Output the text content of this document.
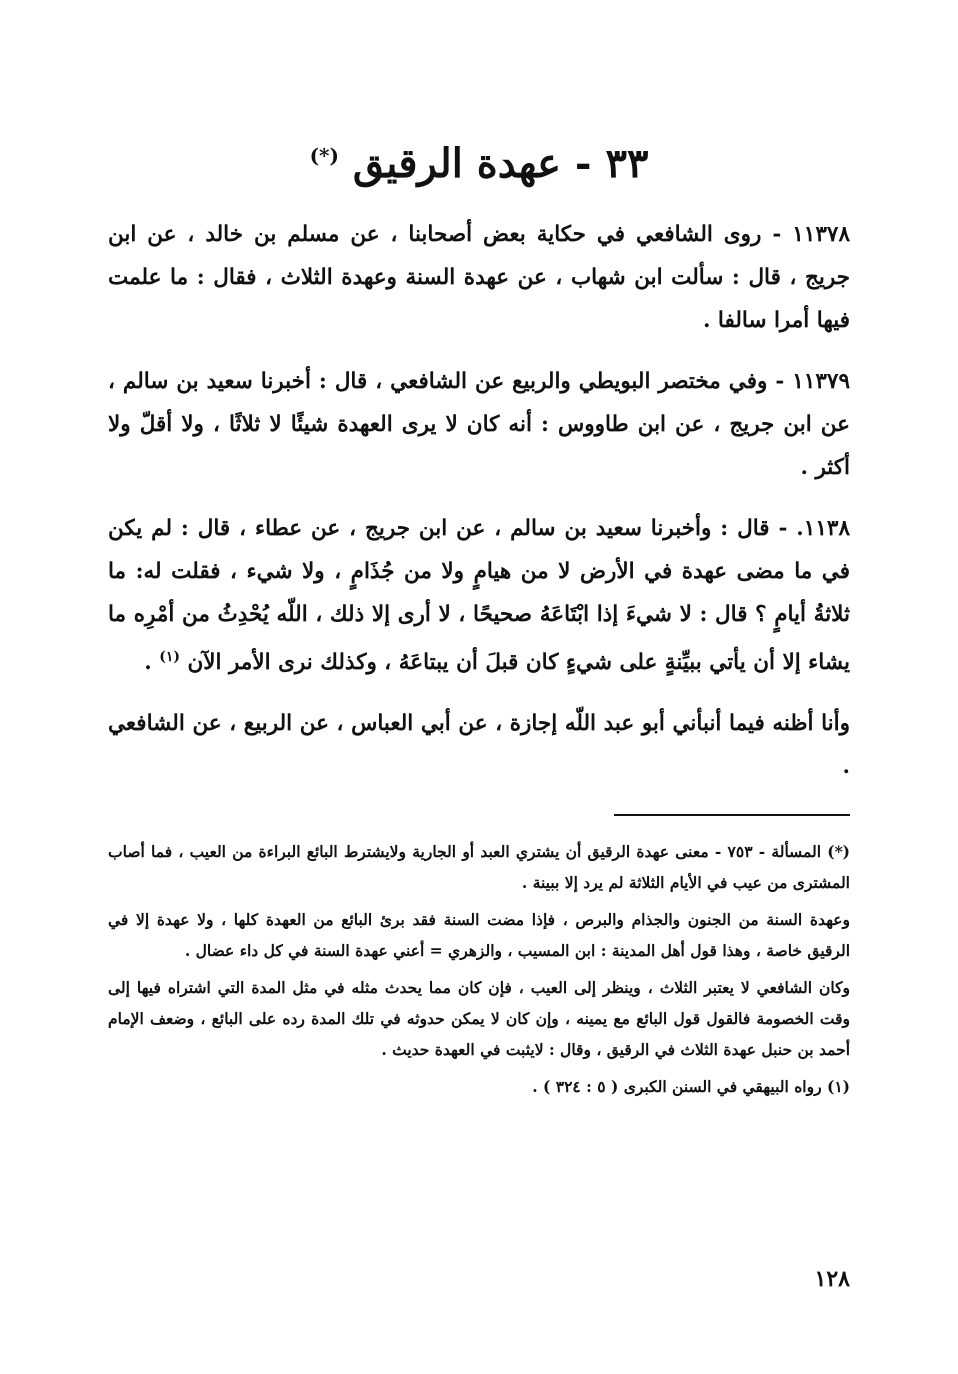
٣٣ - عهدة الرقيق (*)

١١٣٧٨ - روى الشافعي في حكاية بعض أصحابنا ، عن مسلم بن خالد ، عن ابن جريج ، قال : سألت ابن شهاب ، عن عهدة السنة وعهدة الثلاث ، فقال : ما علمت فيها أمرا سالفا .

١١٣٧٩ - وفي مختصر البويطي والربيع عن الشافعي ، قال : أخبرنا سعيد بن سالم ، عن ابن جريج ، عن ابن طاووس : أنه كان لا يرى العهدة شيئًا لا ثلاثًا ، ولا أقلّ ولا أكثر .

١١٣٨. - قال : وأخبرنا سعيد بن سالم ، عن ابن جريج ، عن عطاء ، قال : لم يكن في ما مضى عهدة في الأرض لا من هيامٍ ولا من جُذَامٍ ، ولا شيء ، فقلت له: ما ثلاثةُ أيامٍ ؟ قال : لا شيءَ إذا ابْتَاعَهُ صحيحًا ، لا أرى إلا ذلك ، اللّه يُحْدِثُ من أمْرِه ما يشاء إلا أن يأتي ببيِّنةٍ على شيءٍ كان قبلَ أن يبتاعَهُ ، وكذلك نرى الأمر الآن $^{(١)}$ .

وأنا أظنه فيما أنبأني أبو عبد اللّه إجازة ، عن أبي العباس ، عن الربيع ، عن الشافعي .

(*) المسألة - ٧٥٣ - معنى عهدة الرقيق أن يشتري العبد أو الجارية ولايشترط البائع البراءة من العيب ، فما أصاب المشترى من عيب في الأيام الثلاثة لم يرد إلا ببينة .

وعهدة السنة من الجنون والجذام والبرص ، فإذا مضت السنة فقد برئ البائع من العهدة كلها ، ولا عهدة إلا في الرقيق خاصة ، وهذا قول أهل المدينة : ابن المسيب ، والزهري = أعني عهدة السنة في كل داء عضال .

وكان الشافعي لا يعتبر الثلاث ، وينظر إلى العيب ، فإن كان مما يحدث مثله في مثل المدة التي اشتراه فيها إلى وقت الخصومة فالقول قول البائع مع يمينه ، وإن كان لا يمكن حدوثه في تلك المدة رده على البائع ، وضعف الإمام أحمد بن حنبل عهدة الثلاث في الرقيق ، وقال : لايثبت في العهدة حديث .

(١) رواه البيهقي في السنن الكبرى ( ٥ : ٣٢٤ ) .

١٢٨
